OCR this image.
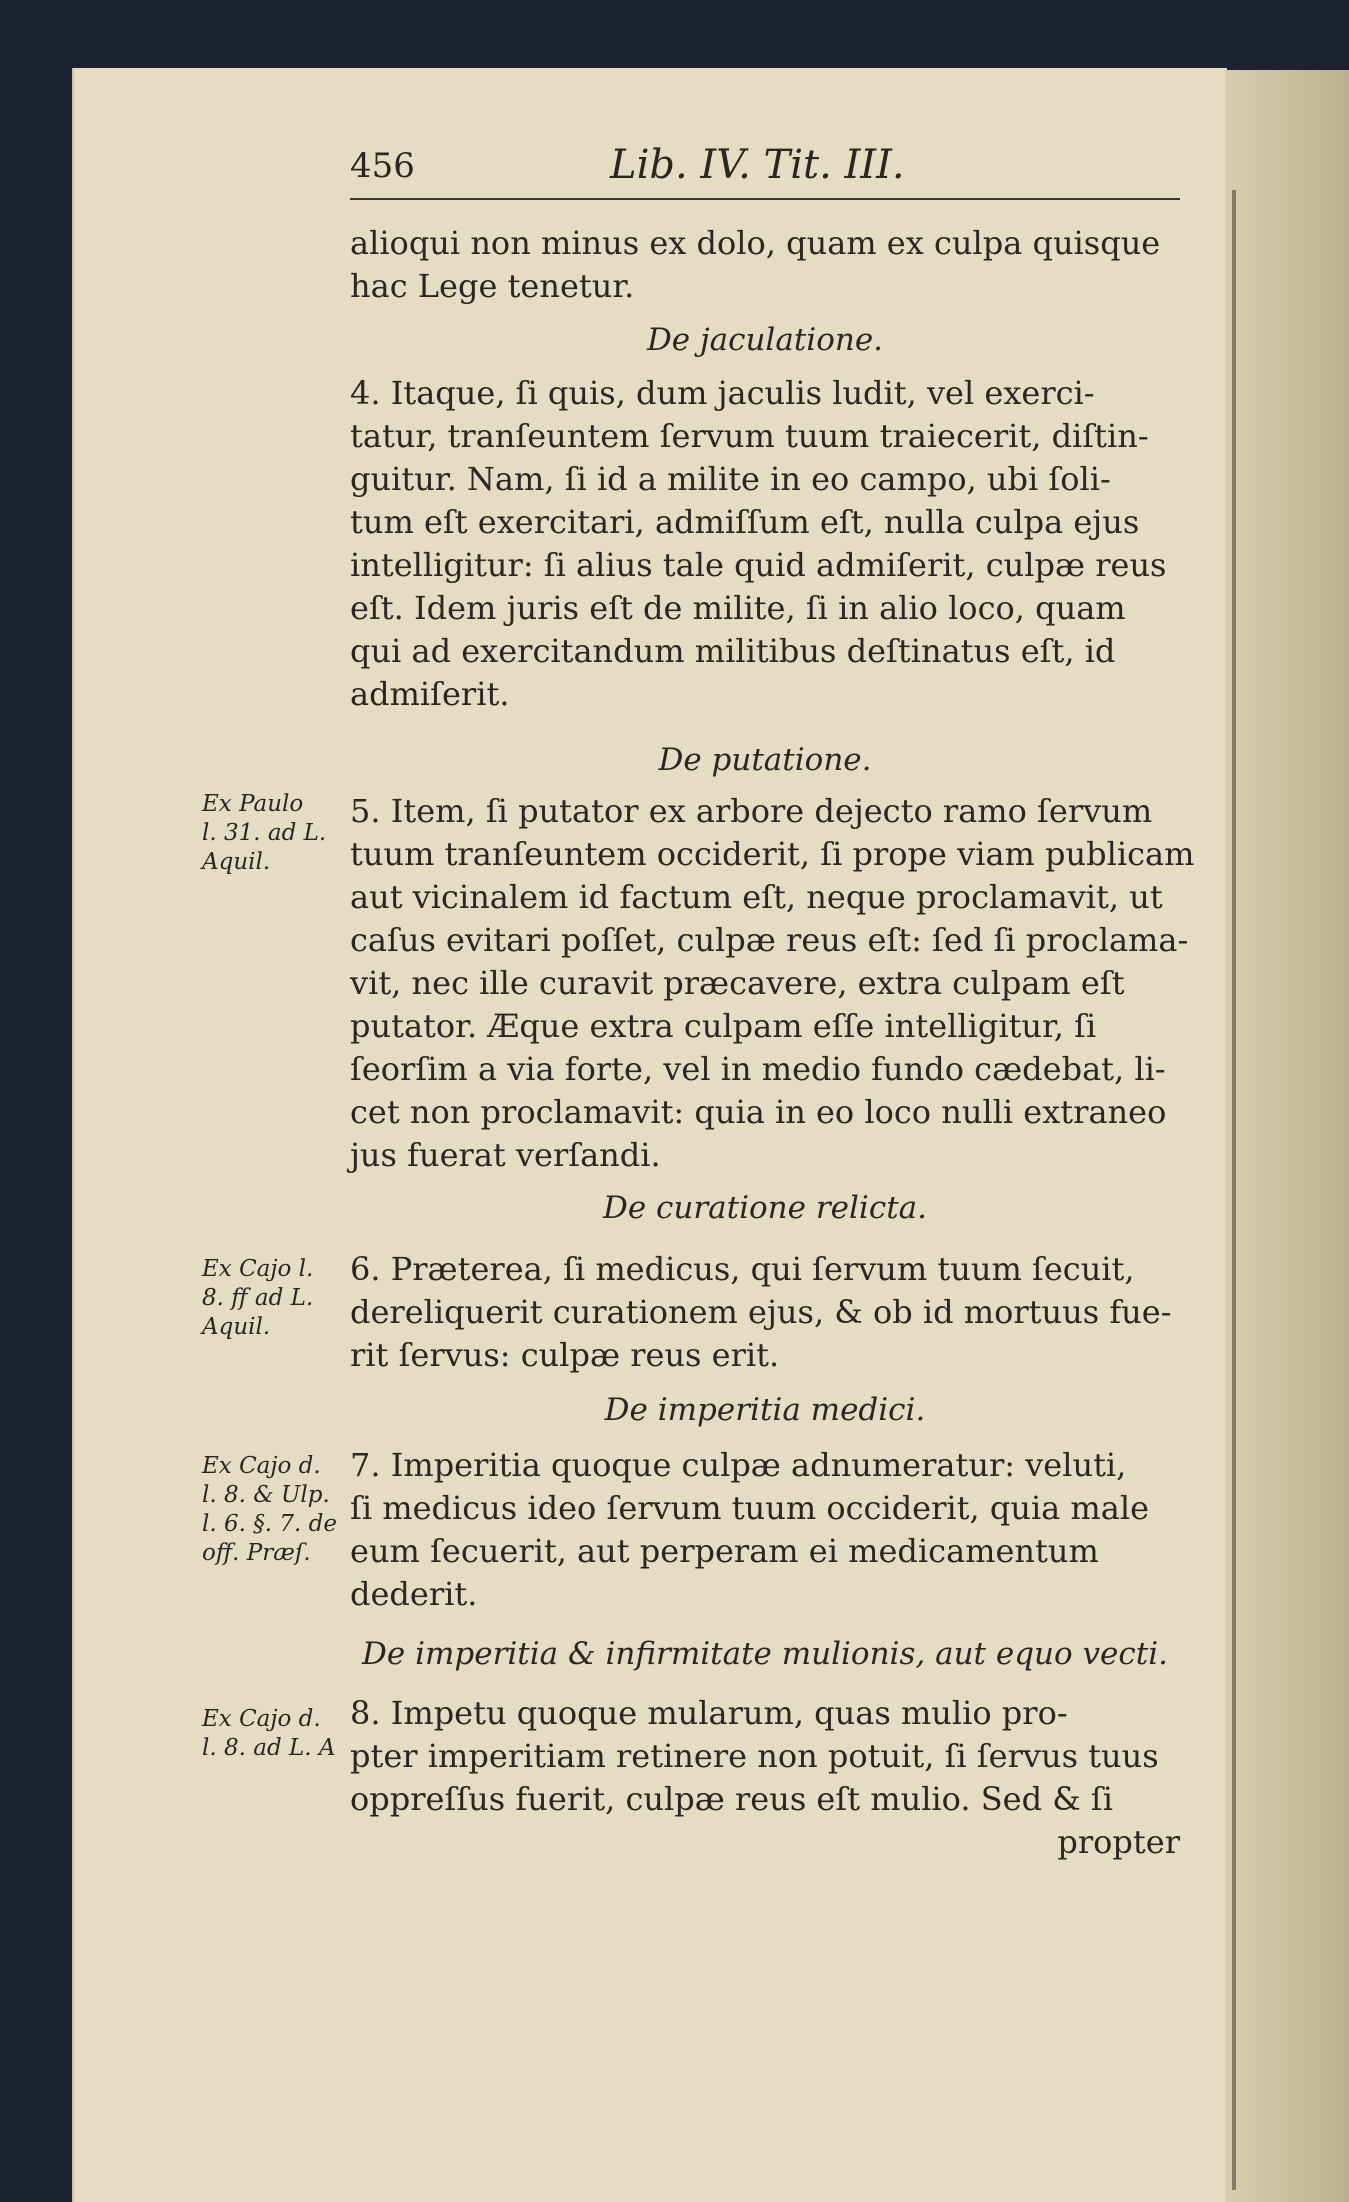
456	Lib. IV. Tit. III.
alioqui non minus ex dolo, quam ex culpa quisque
hac Lege tenetur.
De jaculatione.
4. Itaque, ſi quis, dum jaculis ludit, vel exerci-
tatur, tranſeuntem ſervum tuum traiecerit, diſtin-
guitur. Nam, ſi id a milite in eo campo, ubi ſoli-
tum eſt exercitari, admiſſum eſt, nulla culpa ejus
intelligitur: ſi alius tale quid admiſerit, culpæ reus
eſt. Idem juris eſt de milite, ſi in alio loco, quam
qui ad exercitandum militibus deſtinatus eſt, id
admiſerit.
De putatione.
Ex Paulo
l. 31. ad L.
Aquil.
5. Item, ſi putator ex arbore dejecto ramo ſervum
tuum tranſeuntem occiderit, ſi prope viam publicam
aut vicinalem id factum eſt, neque proclamavit, ut
caſus evitari poſſet, culpæ reus eſt: ſed ſi proclama-
vit, nec ille curavit præcavere, extra culpam eſt
putator. Æque extra culpam eſſe intelligitur, ſi
ſeorſim a via forte, vel in medio fundo cædebat, li-
cet non proclamavit: quia in eo loco nulli extraneo
jus fuerat verſandi.
De curatione relicta.
Ex Cajo l.
8. ff ad L.
Aquil.
6. Præterea, ſi medicus, qui ſervum tuum ſecuit,
dereliquerit curationem ejus, & ob id mortuus fue-
rit ſervus: culpæ reus erit.
De imperitia medici.
Ex Cajo d.
l. 8. & Ulp.
l. 6. §. 7. de
off. Præſ.
7. Imperitia quoque culpæ adnumeratur: veluti,
ſi medicus ideo ſervum tuum occiderit, quia male
eum ſecuerit, aut perperam ei medicamentum
dederit.
De imperitia & infirmitate mulionis, aut equo vecti.
Ex Cajo d.
l. 8. ad L. A
8. Impetu quoque mularum, quas mulio pro-
pter imperitiam retinere non potuit, ſi ſervus tuus
oppreſſus fuerit, culpæ reus eſt mulio. Sed & ſi
propter
